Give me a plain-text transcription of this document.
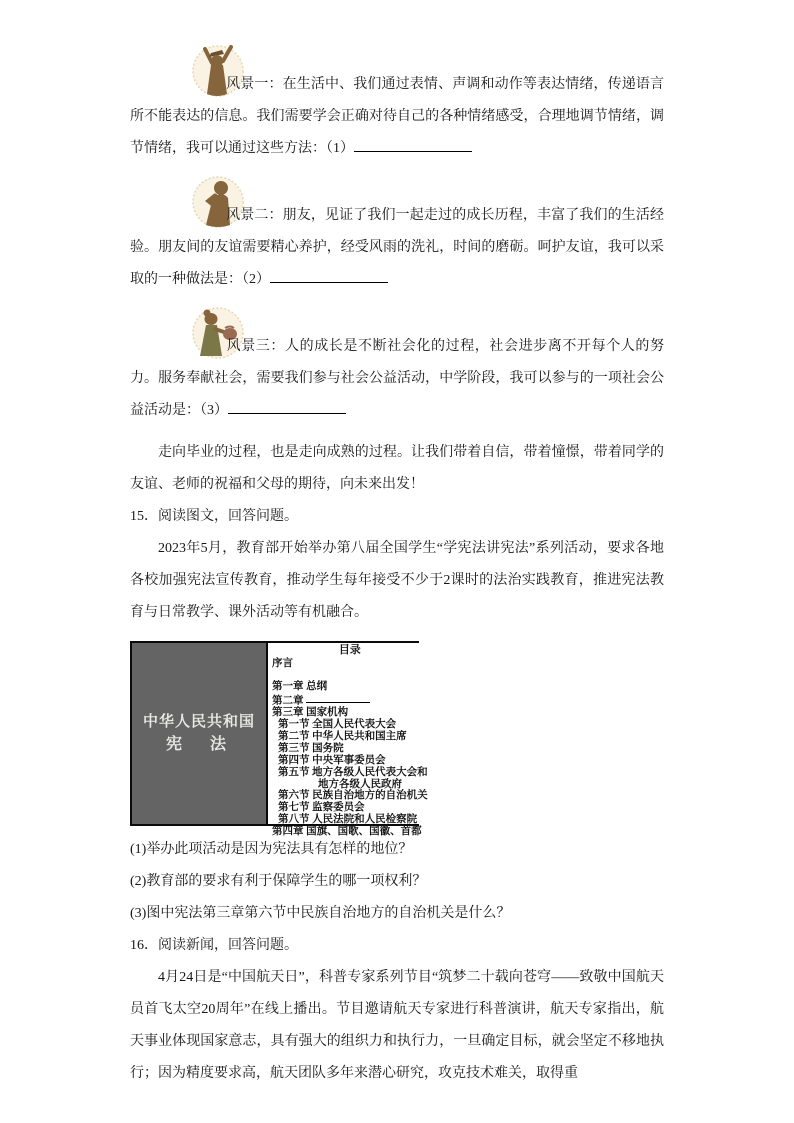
风景一：在生活中、我们通过表情、声调和动作等表达情绪，传递语言所不能表达的信息。我们需要学会正确对待自己的各种情绪感受，合理地调节情绪，调节情绪，我可以通过这些方法：（1）

风景二：朋友，见证了我们一起走过的成长历程，丰富了我们的生活经验。朋友间的友谊需要精心养护，经受风雨的洗礼，时间的磨砺。呵护友谊，我可以采取的一种做法是：（2）

风景三：人的成长是不断社会化的过程，社会进步离不开每个人的努力。服务奉献社会，需要我们参与社会公益活动，中学阶段，我可以参与的一项社会公益活动是：（3）

走向毕业的过程，也是走向成熟的过程。让我们带着自信，带着憧憬，带着同学的友谊、老师的祝福和父母的期待，向未来出发！

15．阅读图文，回答问题。

2023年5月，教育部开始举办第八届全国学生“学宪法讲宪法”系列活动，要求各地各校加强宪法宣传教育，推动学生每年接受不少于2课时的法治实践教育，推进宪法教育与日常教学、课外活动等有机融合。

中华人民共和国
宪　法
目录
序言
第一章 总纲
第二章
第三章 国家机构
第一节 全国人民代表大会
第二节 中华人民共和国主席
第三节 国务院
第四节 中央军事委员会
第五节 地方各级人民代表大会和
地方各级人民政府
第六节 民族自治地方的自治机关
第七节 监察委员会
第八节 人民法院和人民检察院
第四章 国旗、国歌、国徽、首都

(1)举办此项活动是因为宪法具有怎样的地位？

(2)教育部的要求有利于保障学生的哪一项权利？

(3)图中宪法第三章第六节中民族自治地方的自治机关是什么？

16．阅读新闻，回答问题。

4月24日是“中国航天日”，科普专家系列节目“筑梦二十载向苍穹——致敬中国航天员首飞太空20周年”在线上播出。节目邀请航天专家进行科普演讲，航天专家指出，航天事业体现国家意志，具有强大的组织力和执行力，一旦确定目标，就会坚定不移地执行；因为精度要求高，航天团队多年来潜心研究，攻克技术难关，取得重
